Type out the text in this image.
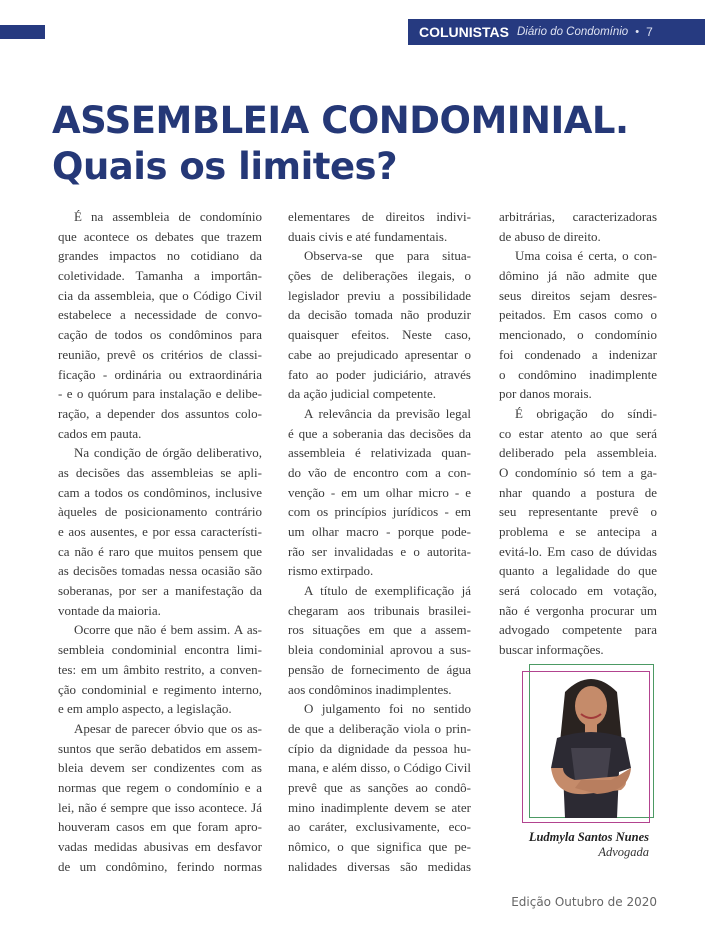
COLUNISTAS Diário do Condomínio • 7
ASSEMBLEIA CONDOMINIAL.
Quais os limites?
É na assembleia de condomínio
que acontece os debates que trazem
grandes impactos no cotidiano da
coletividade. Tamanha a importân-
cia da assembleia, que o Código Civil
estabelece a necessidade de convo-
cação de todos os condôminos para
reunião, prevê os critérios de classi-
ficação - ordinária ou extraordinária
- e o quórum para instalação e delibe-
ração, a depender dos assuntos colo-
cados em pauta.
Na condição de órgão deliberativo,
as decisões das assembleias se apli-
cam a todos os condôminos, inclusive
àqueles de posicionamento contrário
e aos ausentes, e por essa característi-
ca não é raro que muitos pensem que
as decisões tomadas nessa ocasião são
soberanas, por ser a manifestação da
vontade da maioria.
Ocorre que não é bem assim. A as-
sembleia condominial encontra limi-
tes: em um âmbito restrito, a conven-
ção condominial e regimento interno,
e em amplo aspecto, a legislação.
Apesar de parecer óbvio que os as-
suntos que serão debatidos em assem-
bleia devem ser condizentes com as
normas que regem o condomínio e a
lei, não é sempre que isso acontece. Já
houveram casos em que foram apro-
vadas medidas abusivas em desfavor
de um condômino, ferindo normas
elementares de direitos indivi-
duais civis e até fundamentais.
Observa-se que para situa-
ções de deliberações ilegais, o
legislador previu a possibilidade
da decisão tomada não produzir
quaisquer efeitos. Neste caso,
cabe ao prejudicado apresentar o
fato ao poder judiciário, através
da ação judicial competente.
A relevância da previsão legal
é que a soberania das decisões da
assembleia é relativizada quan-
do vão de encontro com a con-
venção - em um olhar micro - e
com os princípios jurídicos - em
um olhar macro - porque pode-
rão ser invalidadas e o autorita-
rismo extirpado.
A título de exemplificação já
chegaram aos tribunais brasilei-
ros situações em que a assem-
bleia condominial aprovou a sus-
pensão de fornecimento de água
aos condôminos inadimplentes.
O julgamento foi no sentido
de que a deliberação viola o prin-
cípio da dignidade da pessoa hu-
mana, e além disso, o Código Civil
prevê que as sanções ao condô-
mino inadimplente devem se ater
ao caráter, exclusivamente, eco-
nômico, o que significa que pe-
nalidades diversas são medidas
arbitrárias, caracterizadoras
de abuso de direito.
Uma coisa é certa, o con-
dômino já não admite que
seus direitos sejam desres-
peitados. Em casos como o
mencionado, o condomínio
foi condenado a indenizar
o condômino inadimplente
por danos morais.
É obrigação do síndi-
co estar atento ao que será
deliberado pela assembleia.
O condomínio só tem a ga-
nhar quando a postura de
seu representante prevê o
problema e se antecipa a
evitá-lo. Em caso de dúvidas
quanto a legalidade do que
será colocado em votação,
não é vergonha procurar um
advogado competente para
buscar informações.
Ludmyla Santos Nunes
Advogada
Edição Outubro de 2020
